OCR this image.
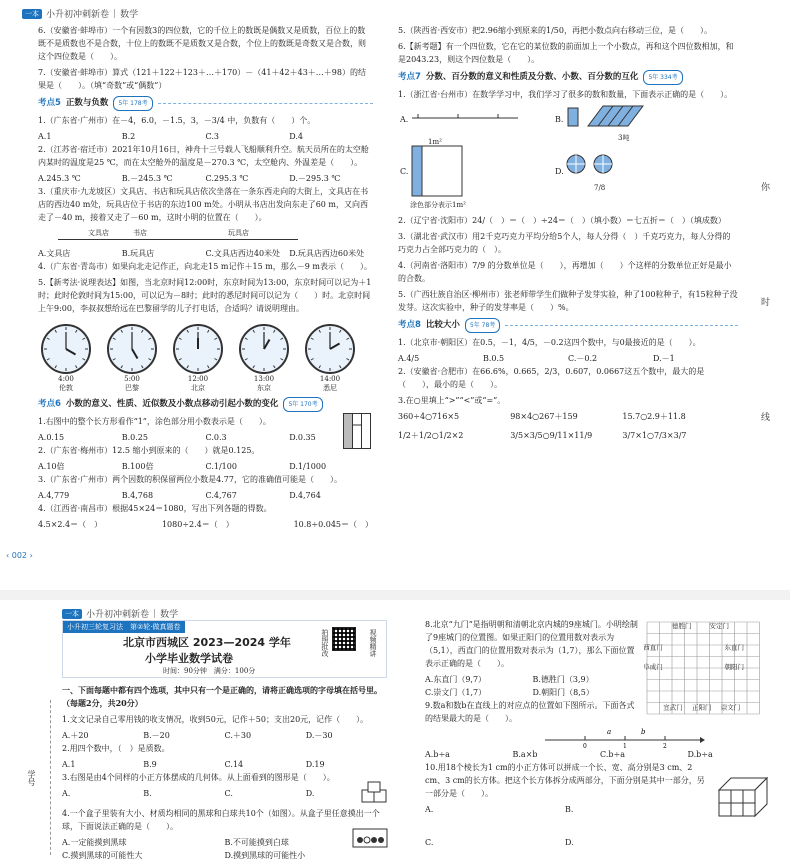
一本 小升初冲刺新卷 | 数学
6.（安徽省·蚌埠市）一个有因数3的四位数，它的千位上的数既是偶数又是质数，百位上的数既不是质数也不是合数，十位上的数既不是质数又是合数，个位上的数既是奇数又是合数，则这个四位数是（　　）。
7.（安徽省·蚌埠市）算式（121＋122＋123＋…＋170）－（41＋42＋43＋…＋98）的结果是（　　）。（填“奇数”或“偶数”）
考点5 正数与负数	5年 178考
1.（广东省·广州市）在－4，6.0，－1.5，3，－3/4 中，负数有（　　）个。
A.1	B.2	C.3	D.4
2.（江苏省·宿迁市）2021年10月16日，神舟十三号载人飞船顺利升空。航天员所在的太空舱内某时的温度是25 ℃，而在太空舱外的温度是－270.3 ℃，太空舱内、外温差是（　　）。
A.245.3 ℃	B.－245.3 ℃	C.295.3 ℃	D.－295.3 ℃
3.（重庆市·九龙坡区）文具店、书店和玩具店依次坐落在一条东西走向的大街上，文具店在书店的西边40 m处，玩具店位于书店的东边100 m处。小明从书店出发向东走了60 m，又向西走了－40 m，接着又走了－60 m，这时小明的位置在（　　）。
文具店	书店	玩具店
A.文具店	B.玩具店	C.文具店西边40米处	D.玩具店西边60米处
4.（广东省·青岛市）如果向北走记作正，向北走15 m记作＋15 m，那么－9 m表示（　　）。
5.【新考法·说理表达】如图，当北京时间12:00时，东京时间为13:00，东京时间可以记为＋1时；此时伦敦时间为15:00，可以记为－8时；此时的悉尼时间可以记为（　　）时。北京时间上午9:00，李叔叔想给远在巴黎留学的儿子打电话，合适吗？请说明理由。
4:00
伦敦
5:00
巴黎
12:00
北京
13:00
东京
14:00
悉尼
考点6 小数的意义、性质、近似数及小数点移动引起小数的变化	5年 170考
1.右图中的整个长方形看作“1”，涂色部分用小数表示是（　　）。
A.0.15	B.0.25	C.0.3	D.0.35
2.（广东省·梅州市）12.5 缩小到原来的（　　）就是0.125。
A.10倍	B.100倍	C.1/100	D.1/1000
3.（广东省·广州市）两个因数的积保留两位小数是4.77，它的准确值可能是（　　）。
A.4,779	B.4,768	C.4,767	D.4,764
4.（江西省·南昌市）根据45×24＝1080，写出下列各题的得数。
4.5×2.4＝（　）	1080÷2.4＝（　）	10.8÷0.045＝（　）
‹ 002 ›
5.（陕西省·西安市）把2.96缩小到原来的1/50，再把小数点向右移动三位，是（　　）。
6.【新考题】有一个四位数，它在它的某位数的前面加上一个小数点，再和这个四位数相加，和是2043.23，则这个四位数是（　　）。
考点7 分数、百分数的意义和性质及分数、小数、百分数的互化	5年 334考
1.（浙江省·台州市）在数学学习中，我们学习了很多的数和数量，下面表示正确的是（　　）。
A.	B.
3吨
C.
1m²
涂色部分表示1m²
D.
7/8
2.（辽宁省·沈阳市）24/（　）＝（　）÷24＝（　）（填小数）＝七五折＝（　）（填成数）
3.（湖北省·武汉市）用2千克巧克力平均分给5个人，每人分得（　）千克巧克力，每人分得的巧克力占全部巧克力的（　）。
4.（河南省·洛阳市）7/9 的分数单位是（　　），再增加（　　）个这样的分数单位正好是最小的合数。
5.（广西壮族自治区·柳州市）张老师带学生们做种子发芽实验，种了100粒种子，有15粒种子没发芽。这次实验中，种子的发芽率是（　　）%。
考点8 比较大小	5年 78考
1.（北京市·朝阳区）在0.5，－1，4/5，－0.2这四个数中，与0最接近的是（　　）。
A.4/5	B.0.5	C.－0.2	D.－1
2.（安徽省·合肥市）在66.6%，0.665，2/3，0.607，0.0667这五个数中，最大的是（　　），最小的是（　　）。
3.在○里填上“>”“<”或“=”。
360÷4○716×5	98×4○267＋159	15.7○2.9＋11.8
1/2＋1/2○1/2×2	3/5×3/5○9/11×11/9	3/7×1○7/3×3/7
你
时
线
一本 小升初冲刺新卷 | 数学
小升初三轮复习法　第②轮·做真题卷
北京市西城区 2023—2024 学年
小学毕业数学试卷
时间：90分钟　满分：100分
拍照批改	视频精讲
学号
一、下面每题中都有四个选项，其中只有一个是正确的，请将正确选项的字母填在括号里。（每题2分，共20分）
1.文文记录自己零用钱的收支情况，收到50元，记作＋50；支出20元，记作（　　）。
A.＋20	B.－20	C.＋30	D.－30
2.用四个数中，（　）是质数。
A.1	B.9	C.14	D.19
3.右图是由4个同样的小正方体摆成的几何体。从上面看到的图形是（　　）。
A.	B.	C.	D.
4.一个盒子里装有大小、材质均相同的黑球和白球共10个（如图）。从盒子里任意摸出一个球，下面说法正确的是（　　）。
A.一定能摸到黑球	B.不可能摸到白球
C.摸到黑球的可能性大	D.摸到黑球的可能性小
8.北京“九门”是指明朝和清朝北京内城的9座城门。小明绘制了9座城门的位置图。如果正阳门的位置用数对表示为（5,1），西直门的位置用数对表示为（1,7），那么下面位置表示正确的是（　　）。
A.东直门（9,7）	B.德胜门（3,9）
C.崇文门（1,7）	D.朝阳门（8,5）
9.数a和数b在直线上的对应点的位置如下图所示。下面各式的结果最大的是（　　）。
德胜门	安定门
西直门	东直门
阜成门	朝阳门
宣武门 正阳门 崇文门
0	1	2
a	b
A.b÷a	B.a×b	C.b÷a	D.b÷a
10.用18个棱长为1 cm的小正方体可以拼成一个长、宽、高分别是3 cm、2 cm、3 cm的长方体。把这个长方体拆分成两部分，下面分别是其中一部分，另一部分是（　　）。
A.	B.
C.	D.
